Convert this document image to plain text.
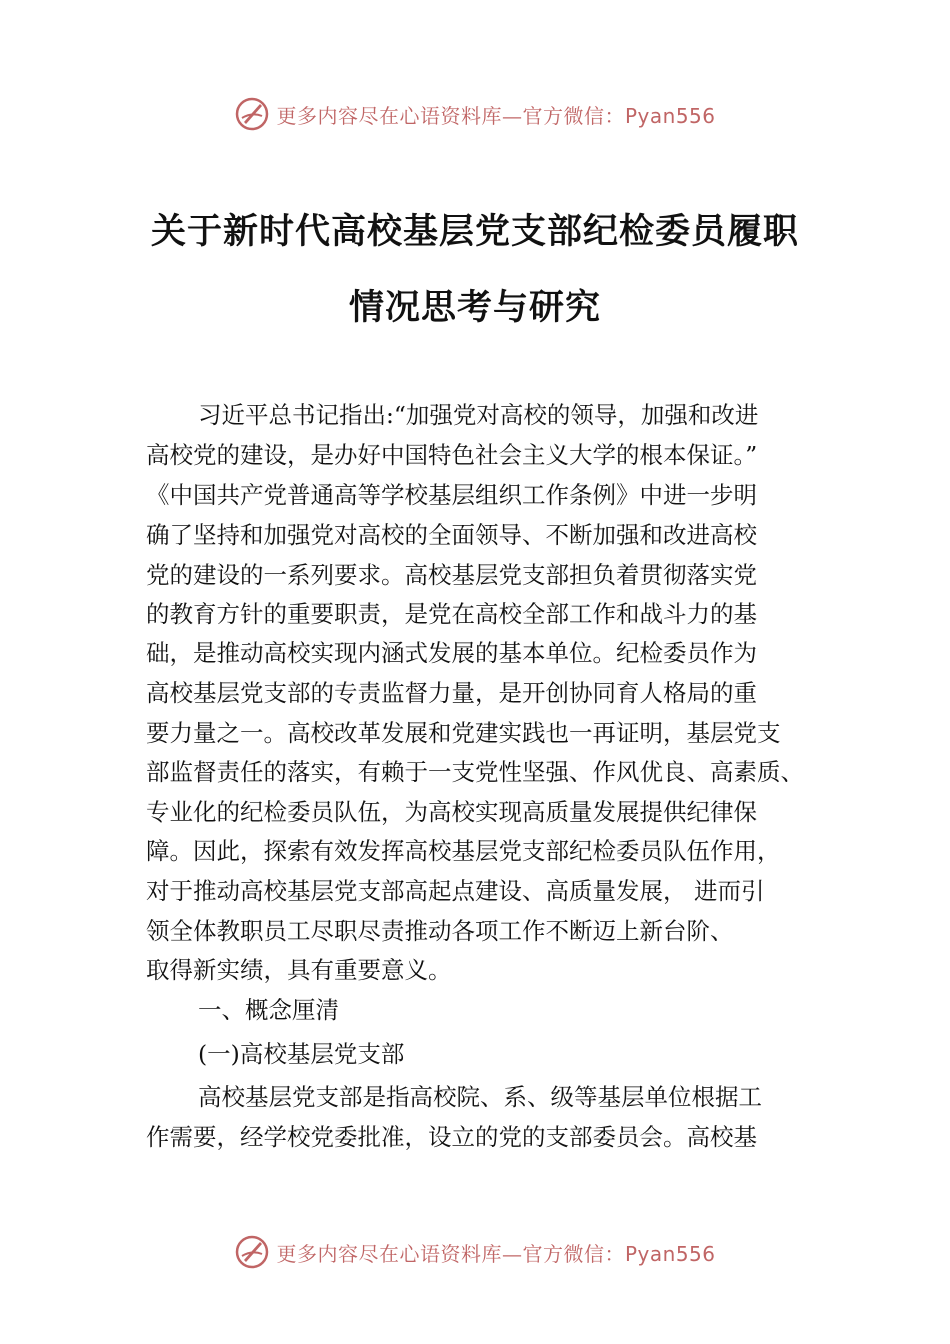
更多内容尽在心语资料库—官方微信：Pyan556
关于新时代高校基层党支部纪检委员履职
情况思考与研究
习近平总书记指出:“加强党对高校的领导，加强和改进
高校党的建设，是办好中国特色社会主义大学的根本保证。”
《中国共产党普通高等学校基层组织工作条例》中进一步明
确了坚持和加强党对高校的全面领导、不断加强和改进高校
党的建设的一系列要求。高校基层党支部担负着贯彻落实党
的教育方针的重要职责，是党在高校全部工作和战斗力的基
础，是推动高校实现内涵式发展的基本单位。纪检委员作为
高校基层党支部的专责监督力量，是开创协同育人格局的重
要力量之一。高校改革发展和党建实践也一再证明，基层党支
部监督责任的落实，有赖于一支党性坚强、作风优良、高素质、
专业化的纪检委员队伍，为高校实现高质量发展提供纪律保
障。因此，探索有效发挥高校基层党支部纪检委员队伍作用，
对于推动高校基层党支部高起点建设、高质量发展， 进而引
领全体教职员工尽职尽责推动各项工作不断迈上新台阶、
取得新实绩，具有重要意义。
一、概念厘清
(一)高校基层党支部
高校基层党支部是指高校院、系、级等基层单位根据工
作需要，经学校党委批准，设立的党的支部委员会。高校基
更多内容尽在心语资料库—官方微信：Pyan556
